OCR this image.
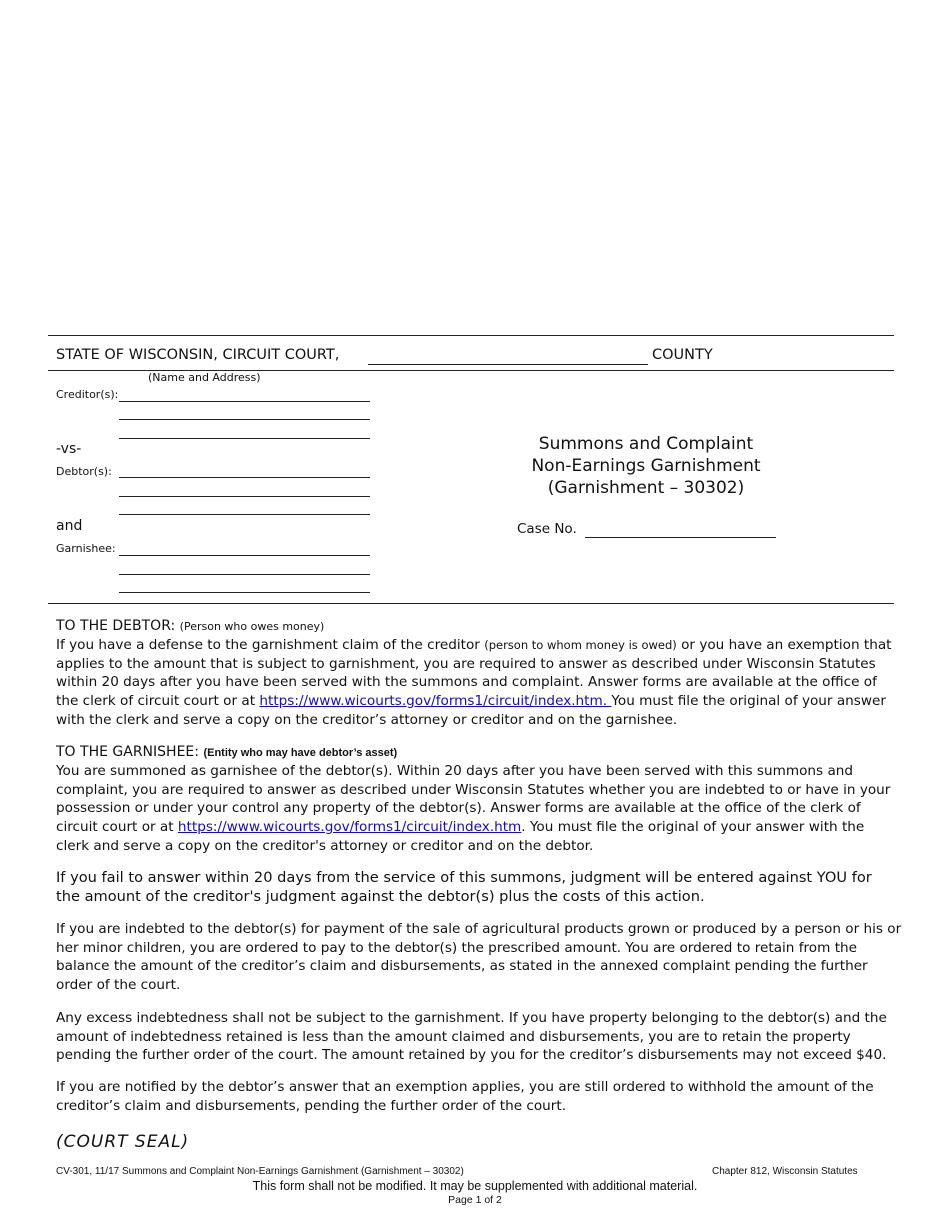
STATE OF WISCONSIN, CIRCUIT COURT,	COUNTY
(Name and Address)
Creditor(s):
-vs-
Debtor(s):
and
Garnishee:
Summons and Complaint
Non-Earnings Garnishment
(Garnishment – 30302)
Case No.
TO THE DEBTOR: (Person who owes money)
If you have a defense to the garnishment claim of the creditor (person to whom money is owed) or you have an exemption that
applies to the amount that is subject to garnishment, you are required to answer as described under Wisconsin Statutes
within 20 days after you have been served with the summons and complaint. Answer forms are available at the office of
the clerk of circuit court or at https://www.wicourts.gov/forms1/circuit/index.htm. You must file the original of your answer
with the clerk and serve a copy on the creditor’s attorney or creditor and on the garnishee.
TO THE GARNISHEE: (Entity who may have debtor’s asset)
You are summoned as garnishee of the debtor(s). Within 20 days after you have been served with this summons and
complaint, you are required to answer as described under Wisconsin Statutes whether you are indebted to or have in your
possession or under your control any property of the debtor(s). Answer forms are available at the office of the clerk of
circuit court or at https://www.wicourts.gov/forms1/circuit/index.htm. You must file the original of your answer with the
clerk and serve a copy on the creditor's attorney or creditor and on the debtor.
If you fail to answer within 20 days from the service of this summons, judgment will be entered against YOU for
the amount of the creditor's judgment against the debtor(s) plus the costs of this action.
If you are indebted to the debtor(s) for payment of the sale of agricultural products grown or produced by a person or his or
her minor children, you are ordered to pay to the debtor(s) the prescribed amount. You are ordered to retain from the
balance the amount of the creditor’s claim and disbursements, as stated in the annexed complaint pending the further
order of the court.
Any excess indebtedness shall not be subject to the garnishment. If you have property belonging to the debtor(s) and the
amount of indebtedness retained is less than the amount claimed and disbursements, you are to retain the property
pending the further order of the court. The amount retained by you for the creditor’s disbursements may not exceed $40.
If you are notified by the debtor’s answer that an exemption applies, you are still ordered to withhold the amount of the
creditor’s claim and disbursements, pending the further order of the court.
(COURT SEAL)
CV-301, 11/17 Summons and Complaint Non-Earnings Garnishment (Garnishment – 30302)	Chapter 812, Wisconsin Statutes
This form shall not be modified. It may be supplemented with additional material.
Page 1 of 2
